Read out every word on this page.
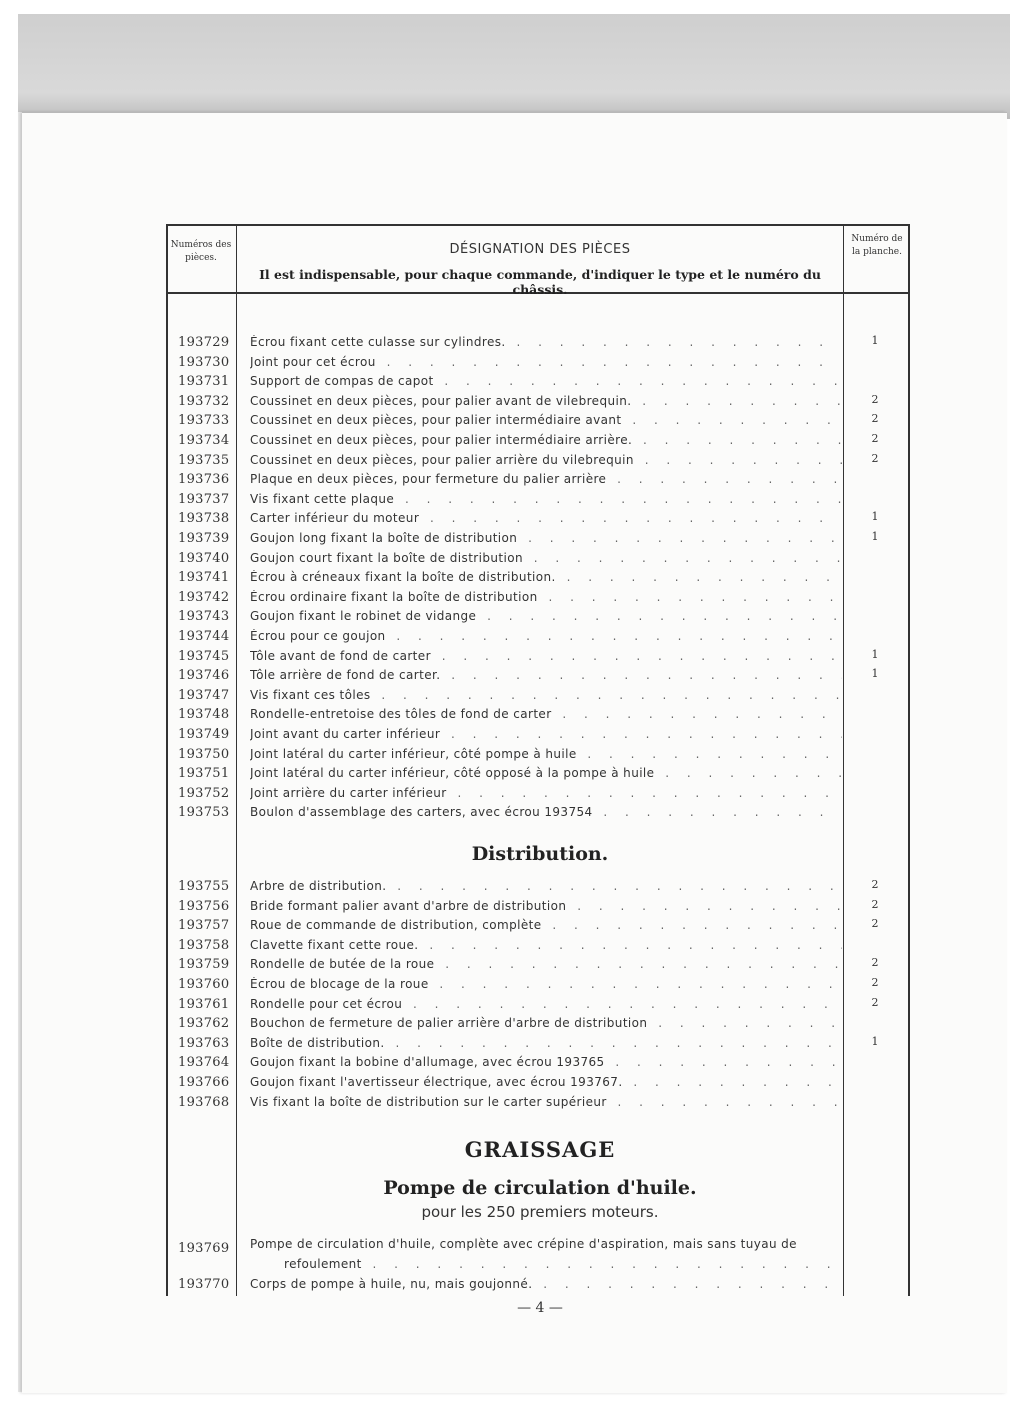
Numéros des pièces.
DÉSIGNATION DES PIÈCES
Il est indispensable, pour chaque commande, d'indiquer le type et le numéro du châssis.
Numéro de la planche.
193729 Écrou fixant cette culasse sur cylindres. . . .	1
193730 Joint pour cet écrou . . .
193731 Support de compas de capot . . .
193732 Coussinet en deux pièces, pour palier avant de vilebrequin. . . .	2
193733 Coussinet en deux pièces, pour palier intermédiaire avant . . .	2
193734 Coussinet en deux pièces, pour palier intermédiaire arrière. . . .	2
193735 Coussinet en deux pièces, pour palier arrière du vilebrequin . . .	2
193736 Plaque en deux pièces, pour fermeture du palier arrière . . .
193737 Vis fixant cette plaque . . .
193738 Carter inférieur du moteur . . .	1
193739 Goujon long fixant la boîte de distribution . . .	1
193740 Goujon court fixant la boîte de distribution . . .
193741 Écrou à créneaux fixant la boîte de distribution. . . .
193742 Écrou ordinaire fixant la boîte de distribution . . .
193743 Goujon fixant le robinet de vidange . . .
193744 Écrou pour ce goujon . . .
193745 Tôle avant de fond de carter . . .	1
193746 Tôle arrière de fond de carter. . . .	1
193747 Vis fixant ces tôles . . .
193748 Rondelle-entretoise des tôles de fond de carter . . .
193749 Joint avant du carter inférieur . . .
193750 Joint latéral du carter inférieur, côté pompe à huile . . .
193751 Joint latéral du carter inférieur, côté opposé à la pompe à huile . . .
193752 Joint arrière du carter inférieur . . .
193753 Boulon d'assemblage des carters, avec écrou 193754 . . .
Distribution.
193755 Arbre de distribution. . . .	2
193756 Bride formant palier avant d'arbre de distribution . . .	2
193757 Roue de commande de distribution, complète . . .	2
193758 Clavette fixant cette roue. . . .
193759 Rondelle de butée de la roue . . .	2
193760 Écrou de blocage de la roue . . .	2
193761 Rondelle pour cet écrou . . .	2
193762 Bouchon de fermeture de palier arrière d'arbre de distribution . . .
193763 Boîte de distribution. . . .	1
193764 Goujon fixant la bobine d'allumage, avec écrou 193765 . . .
193766 Goujon fixant l'avertisseur électrique, avec écrou 193767. . . .
193768 Vis fixant la boîte de distribution sur le carter supérieur . . .
GRAISSAGE
Pompe de circulation d'huile.
pour les 250 premiers moteurs.
193769 Pompe de circulation d'huile, complète avec crépine d'aspiration, mais sans tuyau de
refoulement . . .
193770 Corps de pompe à huile, nu, mais goujonné. . . .
— 4 —
